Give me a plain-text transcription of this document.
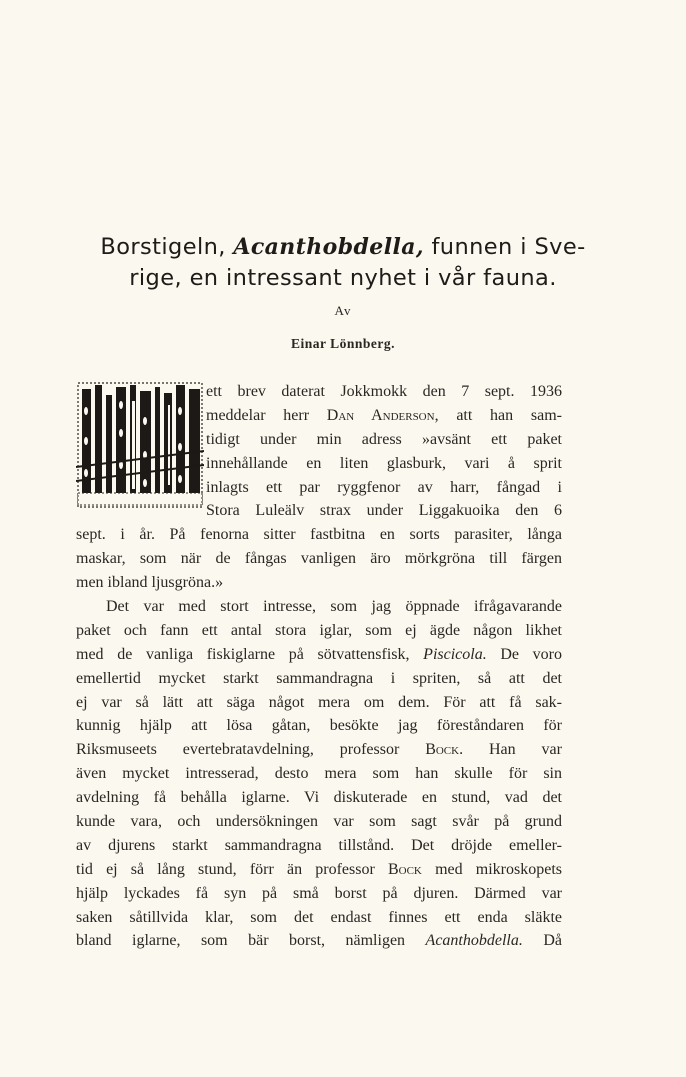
Borstigeln, Acanthobdella, funnen i Sve-
rige, en intressant nyhet i vår fauna.
Av
Einar Lönnberg.
ett brev daterat Jokkmokk den 7 sept. 1936
meddelar herr Dan Anderson, att han sam-
tidigt under min adress »avsänt ett paket
innehållande en liten glasburk, vari å sprit
inlagts ett par ryggfenor av harr, fångad i
Stora Luleälv strax under Liggakuoika den 6
sept. i år. På fenorna sitter fastbitna en sorts parasiter, långa
maskar, som när de fångas vanligen äro mörkgröna till färgen
men ibland ljusgröna.»
Det var med stort intresse, som jag öppnade ifrågavarande
paket och fann ett antal stora iglar, som ej ägde någon likhet
med de vanliga fiskiglarne på sötvattensfisk, Piscicola. De voro
emellertid mycket starkt sammandragna i spriten, så att det
ej var så lätt att säga något mera om dem. För att få sak-
kunnig hjälp att lösa gåtan, besökte jag föreståndaren för
Riksmuseets evertebratavdelning, professor Bock. Han var
även mycket intresserad, desto mera som han skulle för sin
avdelning få behålla iglarne. Vi diskuterade en stund, vad det
kunde vara, och undersökningen var som sagt svår på grund
av djurens starkt sammandragna tillstånd. Det dröjde emeller-
tid ej så lång stund, förr än professor Bock med mikroskopets
hjälp lyckades få syn på små borst på djuren. Därmed var
saken såtillvida klar, som det endast finnes ett enda släkte
bland iglarne, som bär borst, nämligen Acanthobdella. Då
